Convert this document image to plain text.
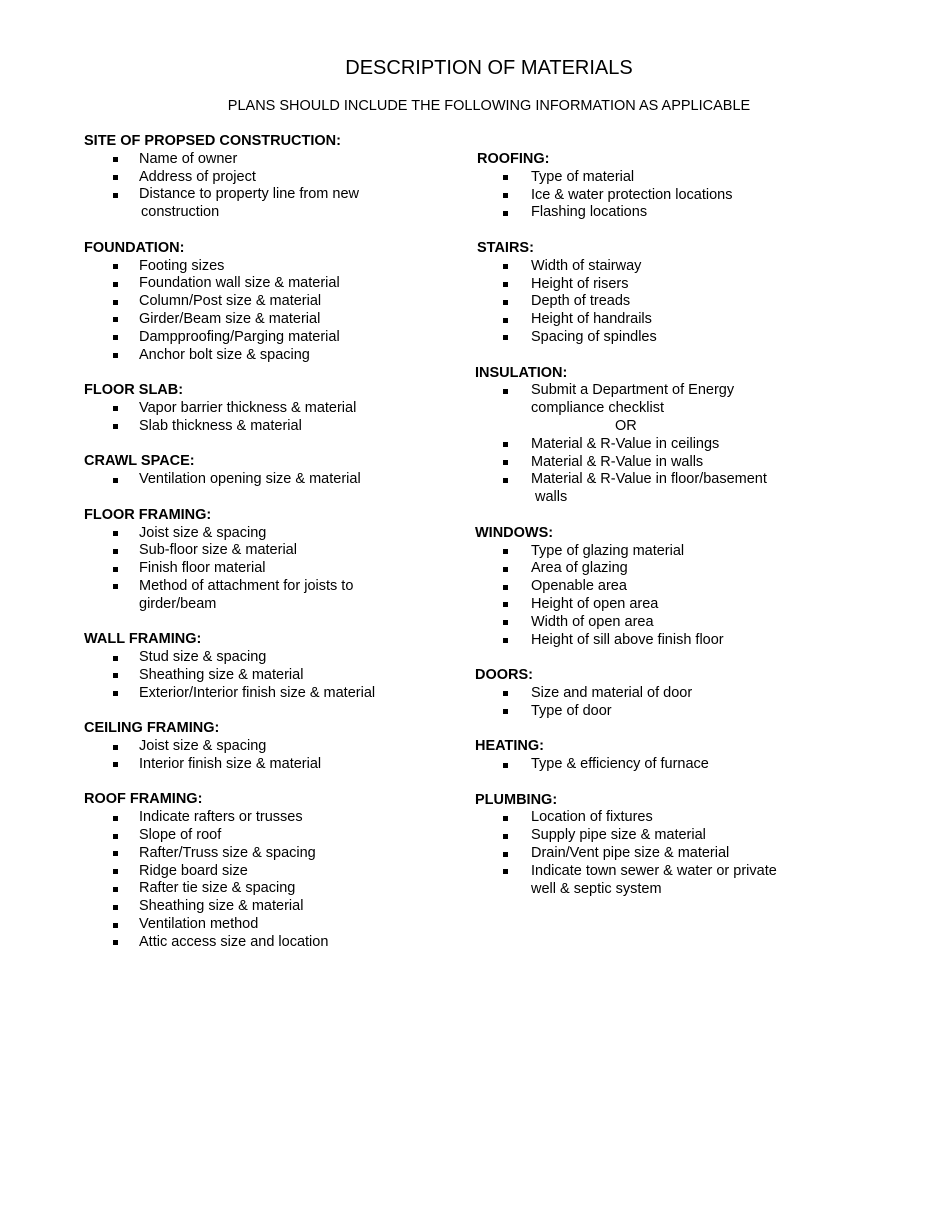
DESCRIPTION OF MATERIALS
PLANS SHOULD INCLUDE THE FOLLOWING INFORMATION AS APPLICABLE
SITE OF PROPSED CONSTRUCTION:
Name of owner
Address of project
Distance to property line from new
construction
FOUNDATION:
Footing sizes
Foundation wall size & material
Column/Post size & material
Girder/Beam size & material
Dampproofing/Parging material
Anchor bolt size & spacing
FLOOR SLAB:
Vapor barrier thickness & material
Slab thickness & material
CRAWL SPACE:
Ventilation opening size & material
FLOOR FRAMING:
Joist size & spacing
Sub-floor size & material
Finish floor material
Method of attachment for joists to
girder/beam
WALL FRAMING:
Stud size & spacing
Sheathing size & material
Exterior/Interior finish size & material
CEILING FRAMING:
Joist size & spacing
Interior finish size & material
ROOF FRAMING:
Indicate rafters or trusses
Slope of roof
Rafter/Truss size & spacing
Ridge board size
Rafter tie size & spacing
Sheathing size & material
Ventilation method
Attic access size and location
ROOFING:
Type of material
Ice & water protection locations
Flashing locations
STAIRS:
Width of stairway
Height of risers
Depth of treads
Height of handrails
Spacing of spindles
INSULATION:
Submit a Department of Energy
compliance checklist
OR
Material & R-Value in ceilings
Material & R-Value in walls
Material & R-Value in floor/basement
walls
WINDOWS:
Type of glazing material
Area of glazing
Openable area
Height of open area
Width of open area
Height of sill above finish floor
DOORS:
Size and material of door
Type of door
HEATING:
Type & efficiency of furnace
PLUMBING:
Location of fixtures
Supply pipe size & material
Drain/Vent pipe size & material
Indicate town sewer & water or private
well & septic system
